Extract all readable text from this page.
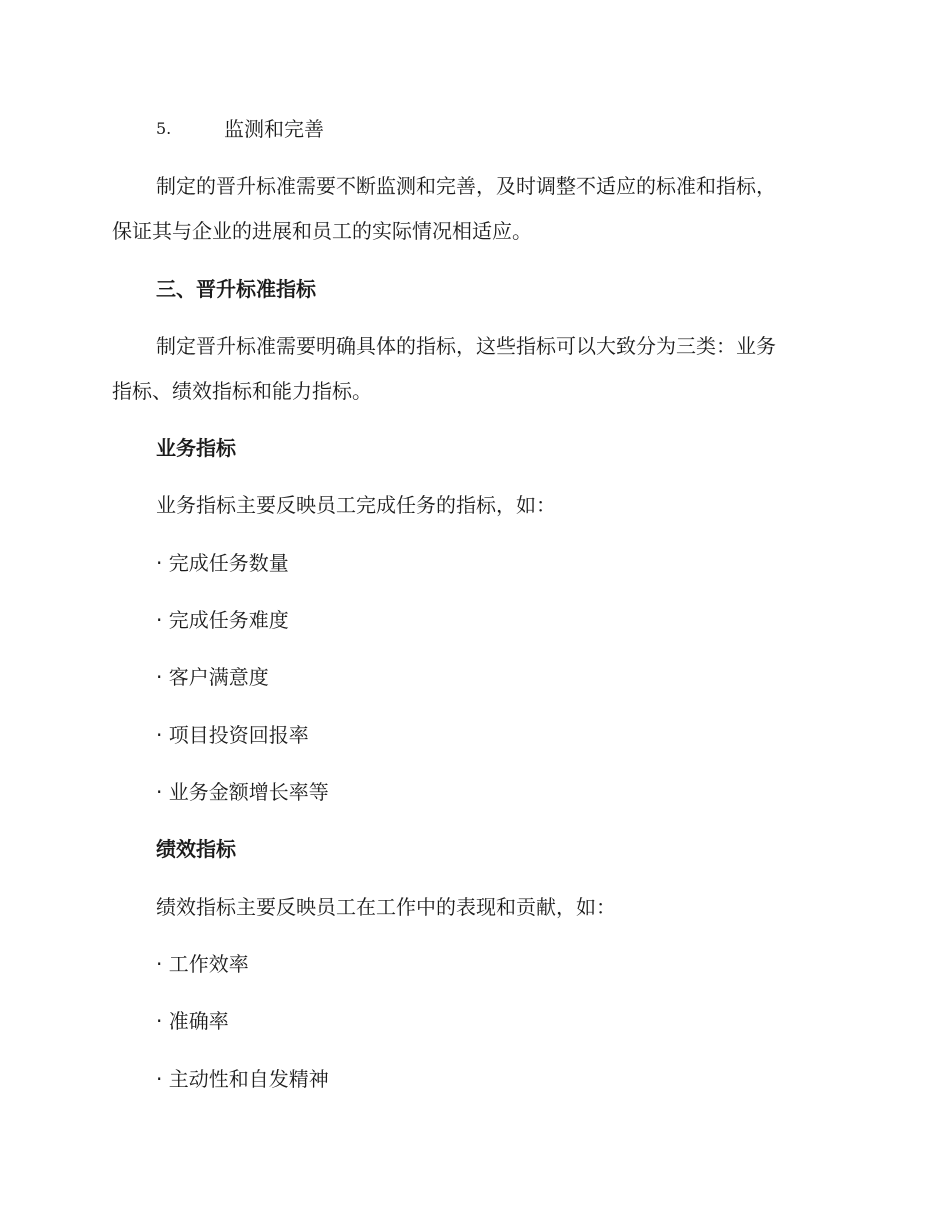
5.	监测和完善
制定的晋升标准需要不断监测和完善，及时调整不适应的标准和指标，
保证其与企业的进展和员工的实际情况相适应。
三、晋升标准指标
制定晋升标准需要明确具体的指标，这些指标可以大致分为三类：业务
指标、绩效指标和能力指标。
业务指标
业务指标主要反映员工完成任务的指标，如：
· 完成任务数量
· 完成任务难度
· 客户满意度
· 项目投资回报率
· 业务金额增长率等
绩效指标
绩效指标主要反映员工在工作中的表现和贡献，如：
· 工作效率
· 准确率
· 主动性和自发精神
